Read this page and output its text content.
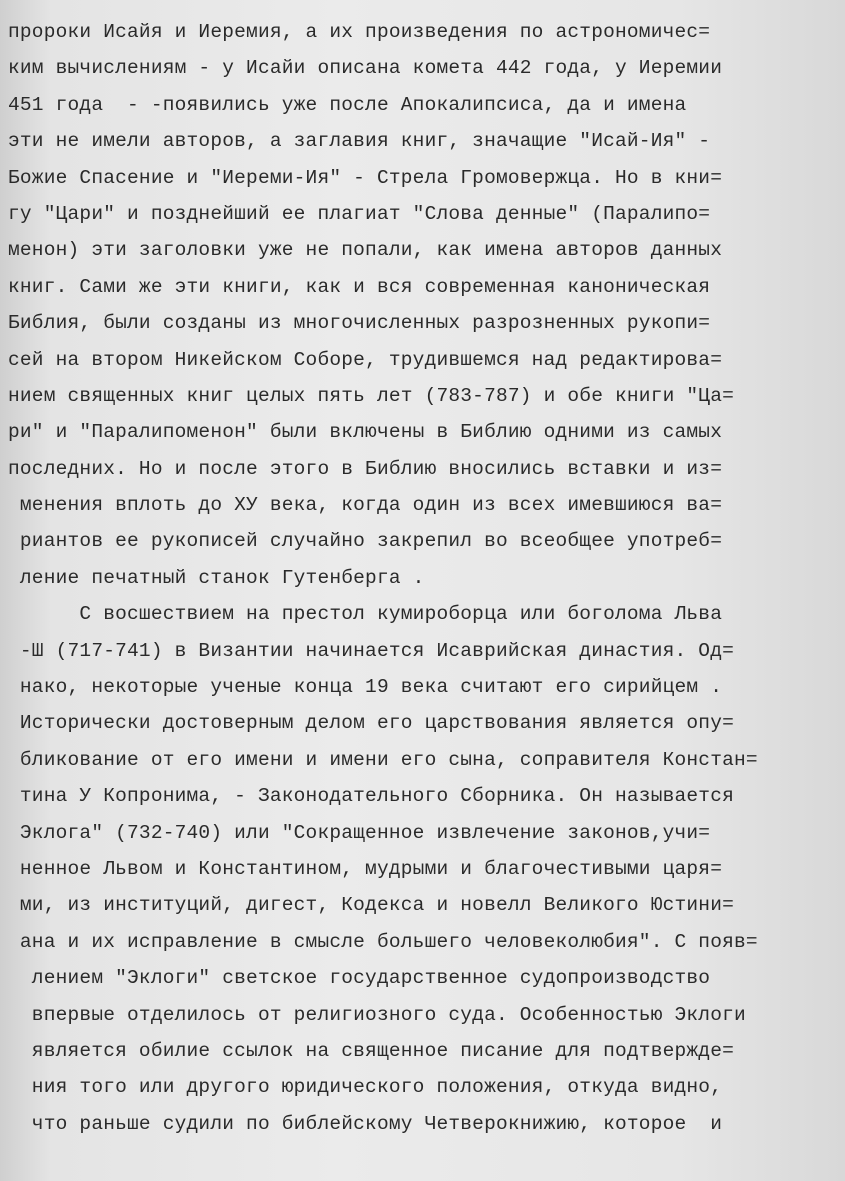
пророки Исайя и Иеремия, а их произведения по астрономичес=
ким вычислениям - у Исайи описана комета 442 года, у Иеремии
451 года  - -появились уже после Апокалипсиса, да и имена
эти не имели авторов, а заглавия книг, значащие "Исай-Ия" -
Божие Спасение и "Иереми-Ия" - Стрела Громовержца. Но в кни=
гу "Цари" и позднейший ее плагиат "Слова денные" (Паралипо=
менон) эти заголовки уже не попали, как имена авторов данных
книг. Сами же эти книги, как и вся современная каноническая
Библия, были созданы из многочисленных разрозненных рукопи=
сей на втором Никейском Соборе, трудившемся над редактирова=
нием священных книг целых пять лет (783-787) и обе книги "Ца=
ри" и "Паралипоменон" были включены в Библию одними из самых
последних. Но и после этого в Библию вносились вставки и из=
менения вплоть до ХУ века, когда один из всех имевшиюся ва=
риантов ее рукописей случайно закрепил во всеобщее употреб=
ление печатный станок Гутенберга .
С восшествием на престол кумироборца или боголома Льва
-Ш (717-741) в Византии начинается Исаврийская династия. Од=
нако, некоторые ученые конца 19 века считают его сирийцем .
Исторически достоверным делом его царствования является опу=
бликование от его имени и имени его сына, соправителя Констан=
тина У Копронима, - Законодательного Сборника. Он называется
Эклога" (732-740) или "Сокращенное извлечение законов,учи=
ненное Львом и Константином, мудрыми и благочестивыми царя=
ми, из институций, дигест, Кодекса и новелл Великого Юстини=
ана и их исправление в смысле большего человеколюбия". С появ=
лением "Эклоги" светское государственное судопроизводство
впервые отделилось от религиозного суда. Особенностью Эклоги
является обилие ссылок на священное писание для подтвержде=
ния того или другого юридического положения, откуда видно,
что раньше судили по библейскому Четверокнижию, которое  и
